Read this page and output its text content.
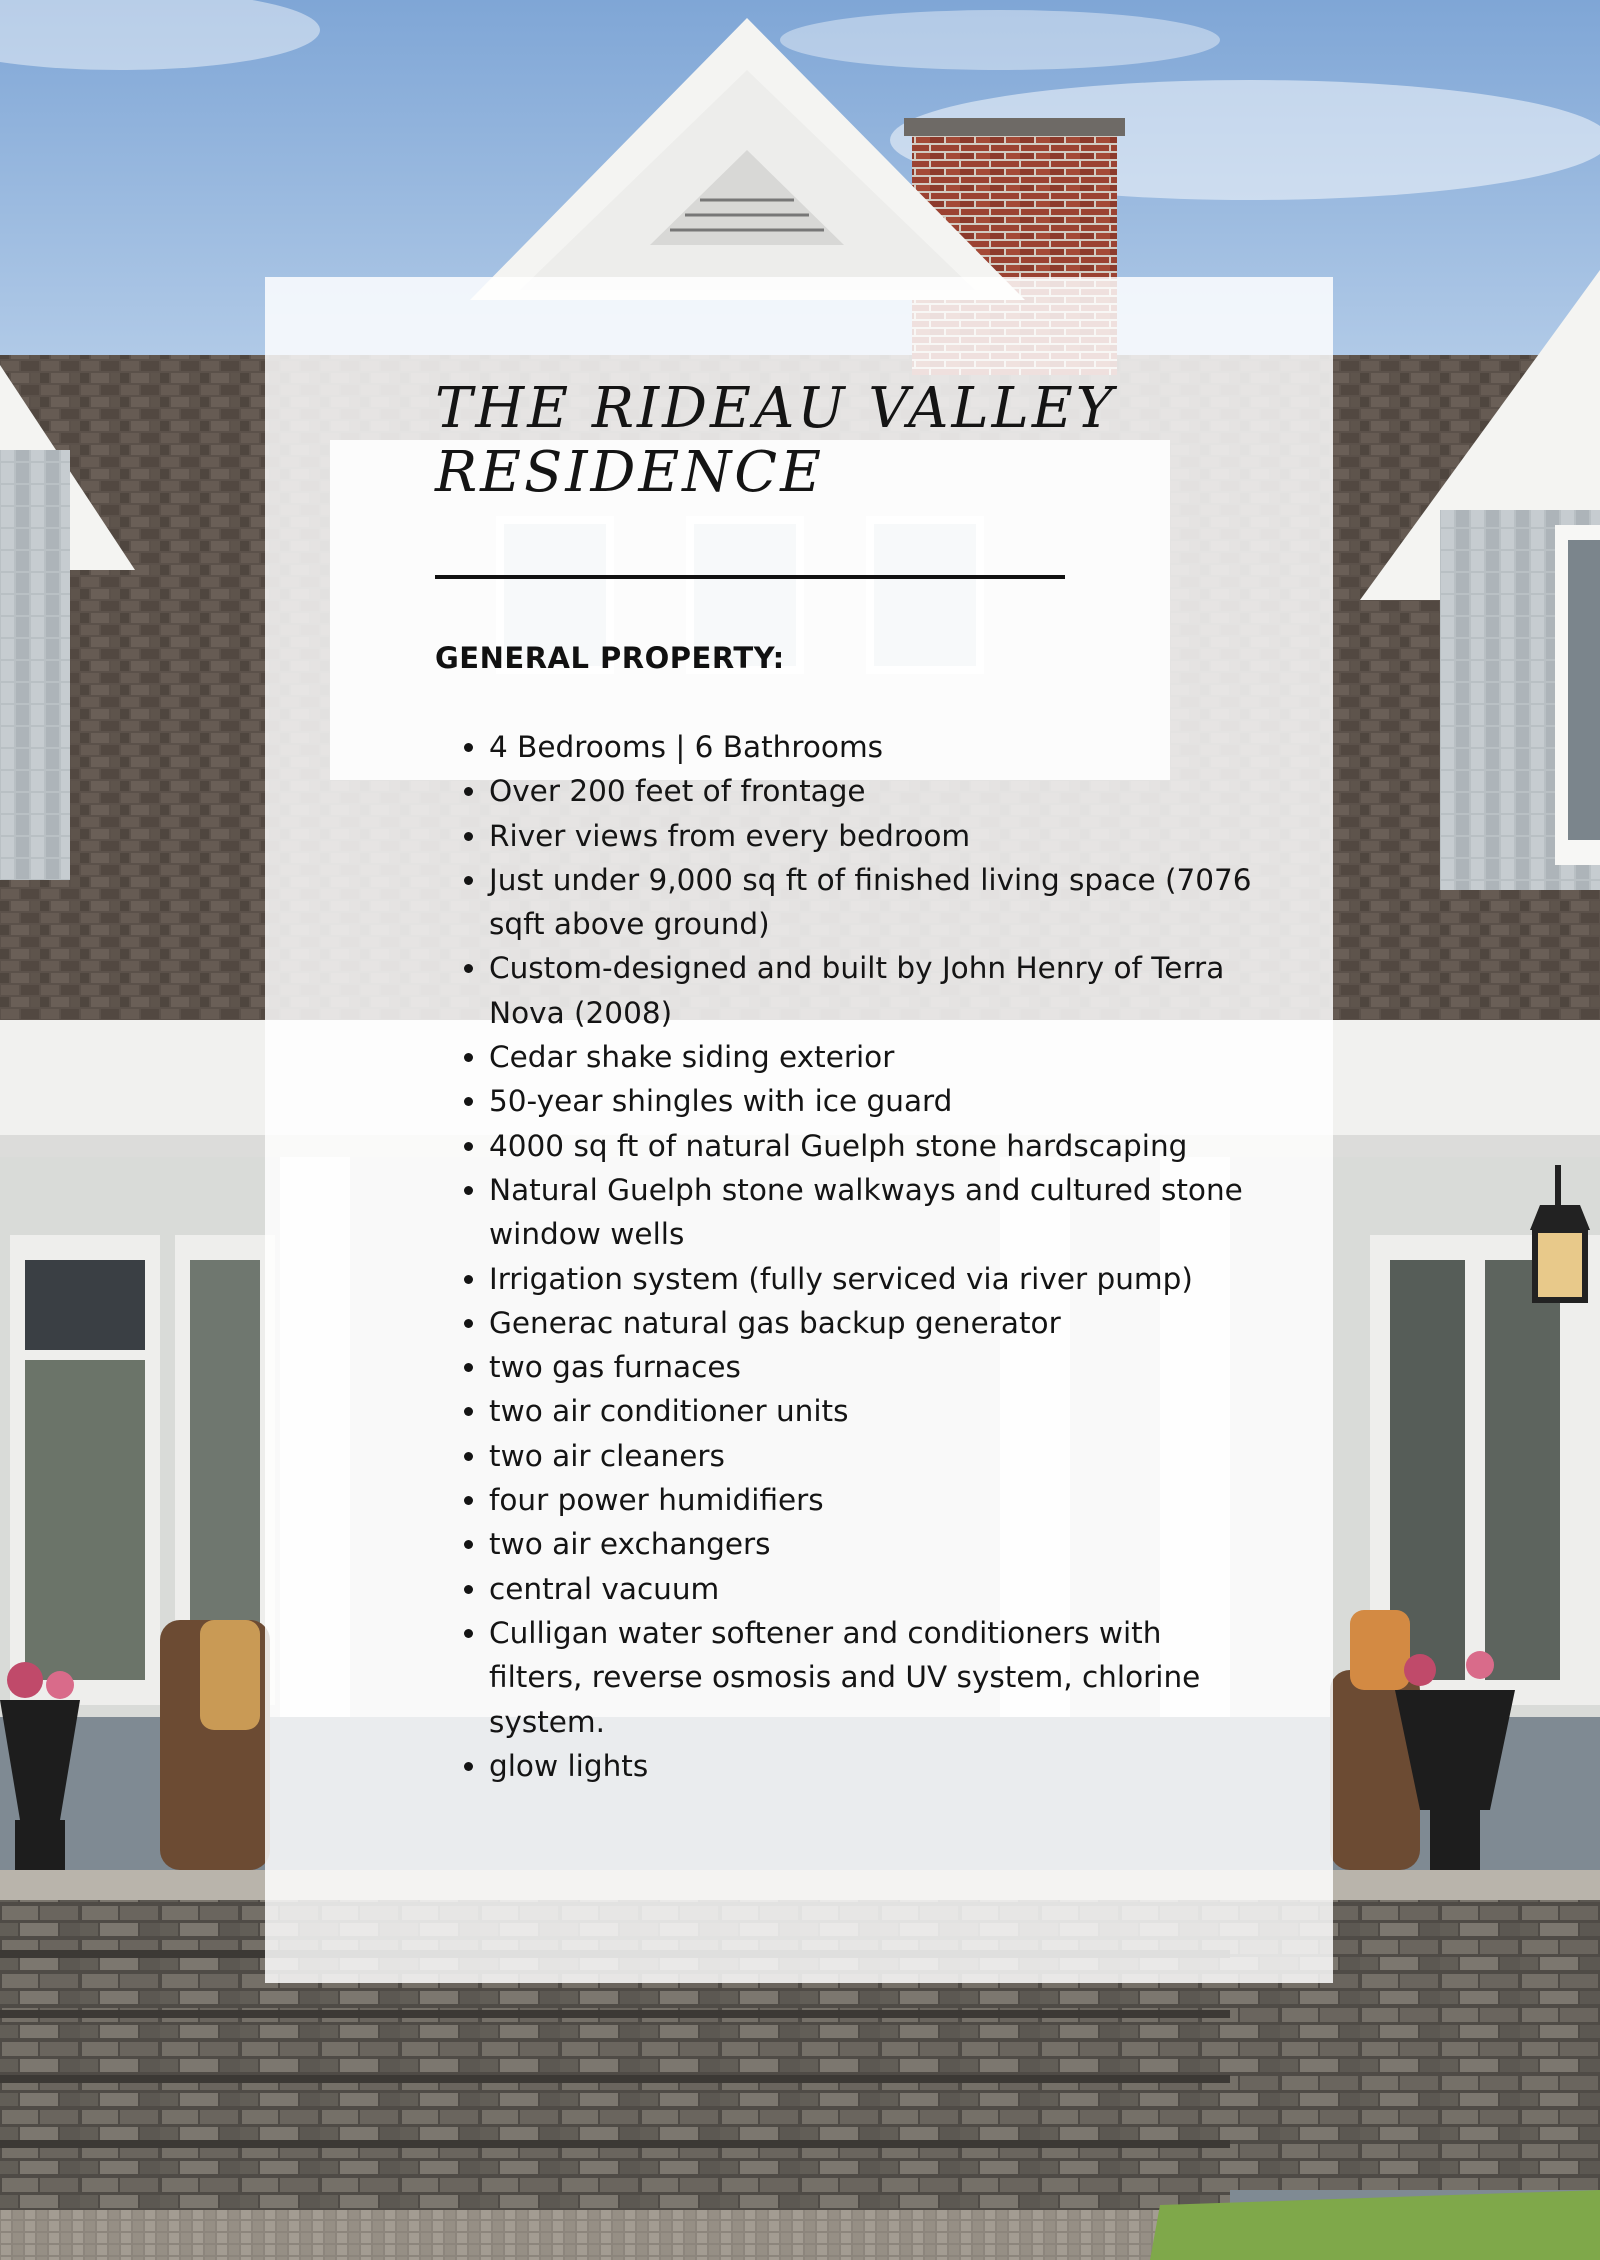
THE RIDEAU VALLEY RESIDENCE
GENERAL PROPERTY:
• 4 Bedrooms | 6 Bathrooms
• Over 200 feet of frontage
• River views from every bedroom
• Just under 9,000 sq ft of finished living space (7076 sqft above ground)
• Custom-designed and built by John Henry of Terra Nova (2008)
• Cedar shake siding exterior
• 50-year shingles with ice guard
• 4000 sq ft of natural Guelph stone hardscaping
• Natural Guelph stone walkways and cultured stone window wells
• Irrigation system (fully serviced via river pump)
• Generac natural gas backup generator
• two gas furnaces
• two air conditioner units
• two air cleaners
• four power humidifiers
• two air exchangers
• central vacuum
• Culligan water softener and conditioners with filters, reverse osmosis and UV system, chlorine system.
• glow lights
